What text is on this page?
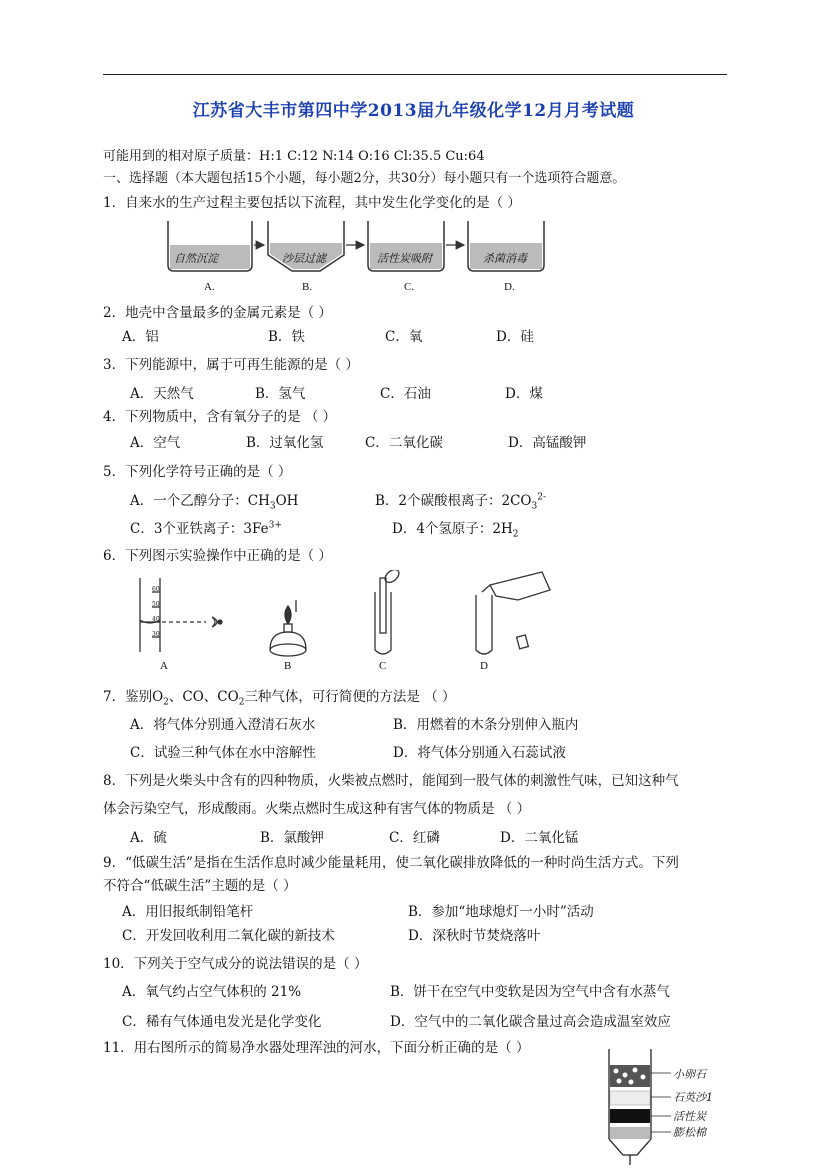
江苏省大丰市第四中学2013届九年级化学12月月考试题
可能用到的相对原子质量：H:1 C:12 N:14 O:16 Cl:35.5 Cu:64
一、选择题（本大题包括15个小题，每小题2分，共30分）每小题只有一个选项符合题意。
1．自来水的生产过程主要包括以下流程，其中发生化学变化的是（ ）
自然沉淀	沙层过滤	活性炭吸附	杀菌消毒
A.	B.	C.	D.
2．地壳中含量最多的金属元素是（ ）
A．铝	B．铁	C．氧	D．硅
3．下列能源中，属于可再生能源的是（ ）
A．天然气	B．氢气	C．石油	D．煤
4．下列物质中，含有氧分子的是 （ ）
A．空气	B．过氧化氢	C．二氧化碳	D．高锰酸钾
5．下列化学符号正确的是（ ）
A．一个乙醇分子：$CH_3OH$	B．2个碳酸根离子：$2CO_3^{2-}$
C．3个亚铁离子：$3Fe^{3+}$	D．4个氢原子：$2H_2$
6．下列图示实验操作中正确的是（ ）
60
50
40
30
A	B	C	D
7．鉴别$O_2$、CO、$CO_2$三种气体，可行简便的方法是 （ ）
A．将气体分别通入澄清石灰水	B．用燃着的木条分别伸入瓶内
C．试验三种气体在水中溶解性	D．将气体分别通入石蕊试液
8．下列是火柴头中含有的四种物质，火柴被点燃时，能闻到一股气体的刺激性气味，已知这种气
体会污染空气，形成酸雨。火柴点燃时生成这种有害气体的物质是 （ ）
A．硫	B．氯酸钾	C．红磷	D．二氧化锰
9．“低碳生活”是指在生活作息时减少能量耗用，使二氧化碳排放降低的一种时尚生活方式。下列
不符合“低碳生活”主题的是（ ）
A．用旧报纸制铅笔杆	B．参加“地球熄灯一小时”活动
C．开发回收利用二氧化碳的新技术	D．深秋时节焚烧落叶
10．下列关于空气成分的说法错误的是（ ）
A．氧气约占空气体积的 21%	B．饼干在空气中变软是因为空气中含有水蒸气
C．稀有气体通电发光是化学变化	D．空气中的二氧化碳含量过高会造成温室效应
11．用右图所示的简易净水器处理浑浊的河水，下面分析正确的是（ ）
小卵石
石英沙1
活性炭
膨松棉
